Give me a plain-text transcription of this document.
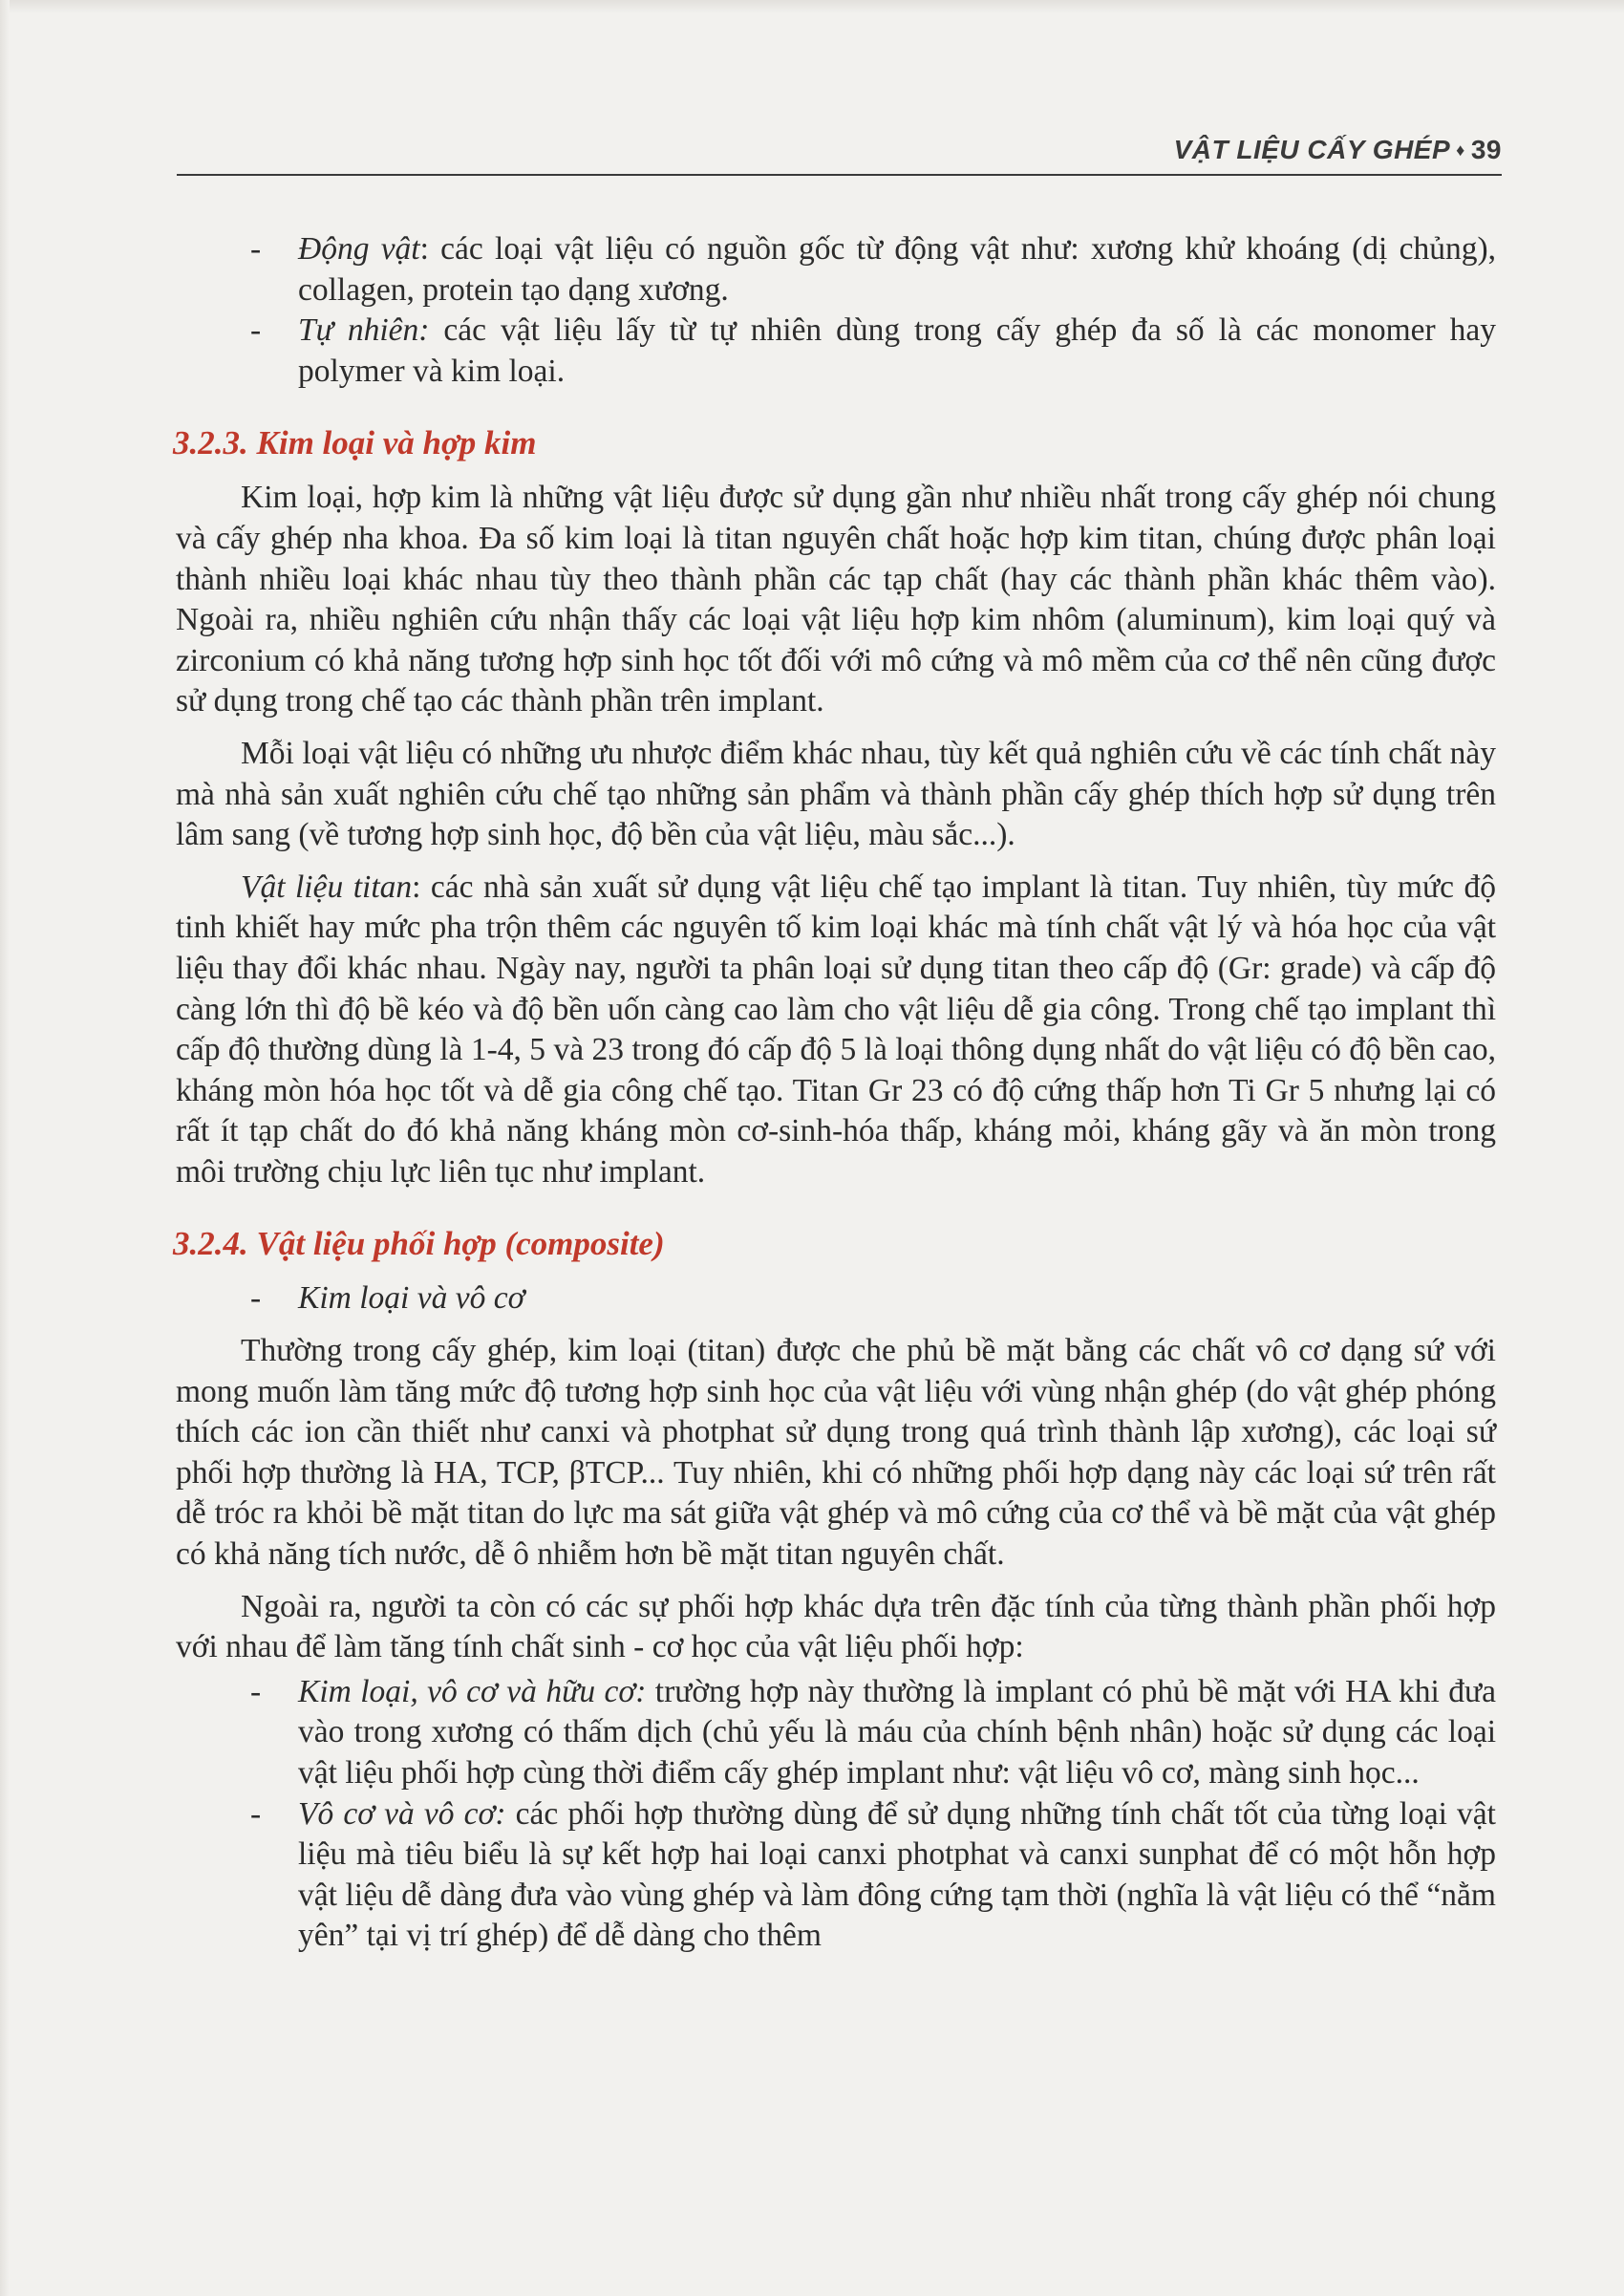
VẬT LIỆU CẤY GHÉP ♦ 39

- Động vật: các loại vật liệu có nguồn gốc từ động vật như: xương khử khoáng (dị chủng), collagen, protein tạo dạng xương.

- Tự nhiên: các vật liệu lấy từ tự nhiên dùng trong cấy ghép đa số là các monomer hay polymer và kim loại.

3.2.3. Kim loại và hợp kim

Kim loại, hợp kim là những vật liệu được sử dụng gần như nhiều nhất trong cấy ghép nói chung và cấy ghép nha khoa. Đa số kim loại là titan nguyên chất hoặc hợp kim titan, chúng được phân loại thành nhiều loại khác nhau tùy theo thành phần các tạp chất (hay các thành phần khác thêm vào). Ngoài ra, nhiều nghiên cứu nhận thấy các loại vật liệu hợp kim nhôm (aluminum), kim loại quý và zirconium có khả năng tương hợp sinh học tốt đối với mô cứng và mô mềm của cơ thể nên cũng được sử dụng trong chế tạo các thành phần trên implant.

Mỗi loại vật liệu có những ưu nhược điểm khác nhau, tùy kết quả nghiên cứu về các tính chất này mà nhà sản xuất nghiên cứu chế tạo những sản phẩm và thành phần cấy ghép thích hợp sử dụng trên lâm sang (về tương hợp sinh học, độ bền của vật liệu, màu sắc...).

Vật liệu titan: các nhà sản xuất sử dụng vật liệu chế tạo implant là titan. Tuy nhiên, tùy mức độ tinh khiết hay mức pha trộn thêm các nguyên tố kim loại khác mà tính chất vật lý và hóa học của vật liệu thay đổi khác nhau. Ngày nay, người ta phân loại sử dụng titan theo cấp độ (Gr: grade) và cấp độ càng lớn thì độ bề kéo và độ bền uốn càng cao làm cho vật liệu dễ gia công. Trong chế tạo implant thì cấp độ thường dùng là 1-4, 5 và 23 trong đó cấp độ 5 là loại thông dụng nhất do vật liệu có độ bền cao, kháng mòn hóa học tốt và dễ gia công chế tạo. Titan Gr 23 có độ cứng thấp hơn Ti Gr 5 nhưng lại có rất ít tạp chất do đó khả năng kháng mòn cơ-sinh-hóa thấp, kháng mỏi, kháng gãy và ăn mòn trong môi trường chịu lực liên tục như implant.

3.2.4. Vật liệu phối hợp (composite)

- Kim loại và vô cơ

Thường trong cấy ghép, kim loại (titan) được che phủ bề mặt bằng các chất vô cơ dạng sứ với mong muốn làm tăng mức độ tương hợp sinh học của vật liệu với vùng nhận ghép (do vật ghép phóng thích các ion cần thiết như canxi và photphat sử dụng trong quá trình thành lập xương), các loại sứ phối hợp thường là HA, TCP, βTCP... Tuy nhiên, khi có những phối hợp dạng này các loại sứ trên rất dễ tróc ra khỏi bề mặt titan do lực ma sát giữa vật ghép và mô cứng của cơ thể và bề mặt của vật ghép có khả năng tích nước, dễ ô nhiễm hơn bề mặt titan nguyên chất.

Ngoài ra, người ta còn có các sự phối hợp khác dựa trên đặc tính của từng thành phần phối hợp với nhau để làm tăng tính chất sinh - cơ học của vật liệu phối hợp:

- Kim loại, vô cơ và hữu cơ: trường hợp này thường là implant có phủ bề mặt với HA khi đưa vào trong xương có thấm dịch (chủ yếu là máu của chính bệnh nhân) hoặc sử dụng các loại vật liệu phối hợp cùng thời điểm cấy ghép implant như: vật liệu vô cơ, màng sinh học...

- Vô cơ và vô cơ: các phối hợp thường dùng để sử dụng những tính chất tốt của từng loại vật liệu mà tiêu biểu là sự kết hợp hai loại canxi photphat và canxi sunphat để có một hỗn hợp vật liệu dễ dàng đưa vào vùng ghép và làm đông cứng tạm thời (nghĩa là vật liệu có thể “nằm yên” tại vị trí ghép) để dễ dàng cho thêm
